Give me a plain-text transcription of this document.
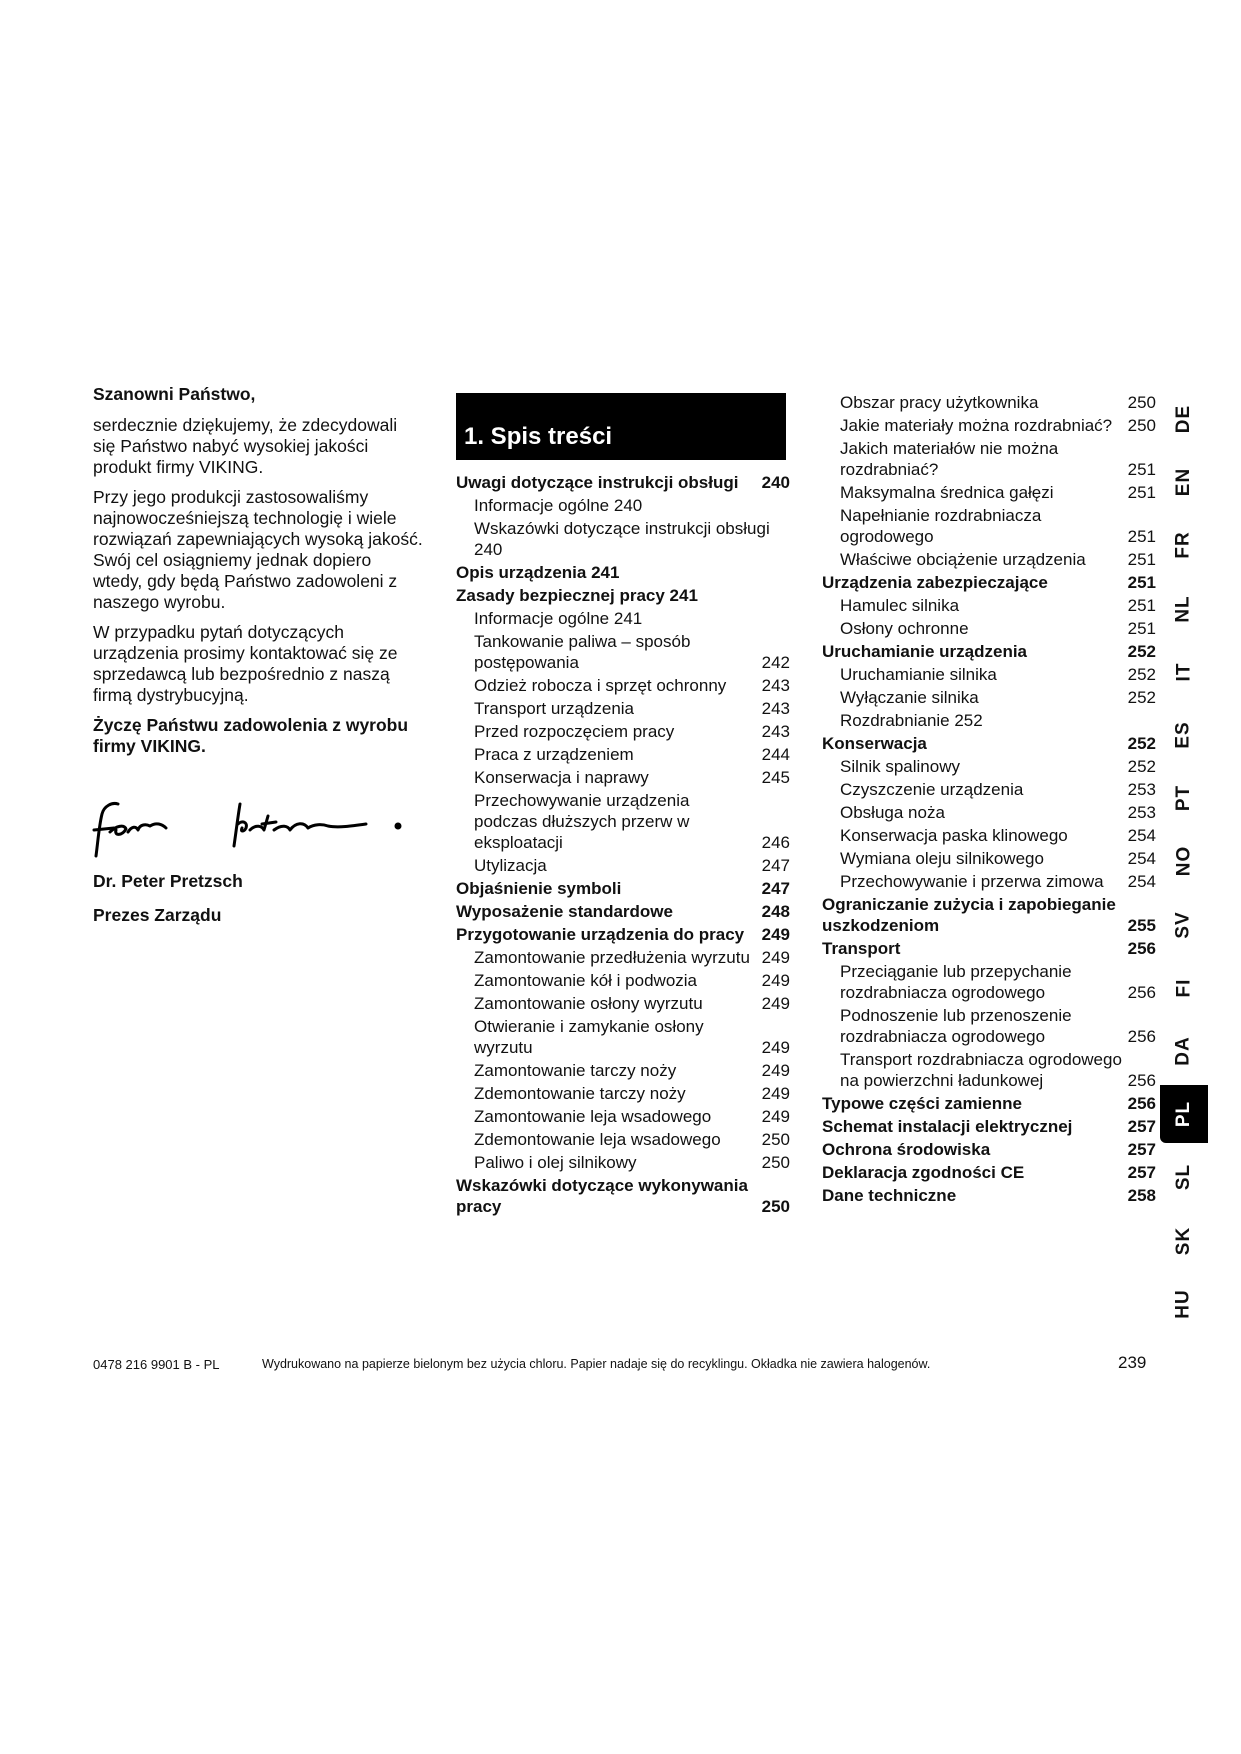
Szanowni Państwo,

serdecznie dziękujemy, że zdecydowali się Państwo nabyć wysokiej jakości produkt firmy VIKING.

Przy jego produkcji zastosowaliśmy najnowocześniejszą technologię i wiele rozwiązań zapewniających wysoką jakość. Swój cel osiągniemy jednak dopiero wtedy, gdy będą Państwo zadowoleni z naszego wyrobu.

W przypadku pytań dotyczących urządzenia prosimy kontaktować się ze sprzedawcą lub bezpośrednio z naszą firmą dystrybucyjną.

Życzę Państwu zadowolenia z wyrobu firmy VIKING.

Dr. Peter Pretzsch
Prezes Zarządu
1. Spis treści
Uwagi dotyczące instrukcji obsługi	240
Informacje ogólne 240
Wskazówki dotyczące instrukcji obsługi 240
Opis urządzenia 241
Zasady bezpiecznej pracy 241
Informacje ogólne 241
Tankowanie paliwa – sposób postępowania	242
Odzież robocza i sprzęt ochronny	243
Transport urządzenia	243
Przed rozpoczęciem pracy	243
Praca z urządzeniem	244
Konserwacja i naprawy	245
Przechowywanie urządzenia podczas dłuższych przerw w eksploatacji	246
Utylizacja	247
Objaśnienie symboli	247
Wyposażenie standardowe	248
Przygotowanie urządzenia do pracy	249
Zamontowanie przedłużenia wyrzutu 249
Zamontowanie kół i podwozia	249
Zamontowanie osłony wyrzutu	249
Otwieranie i zamykanie osłony wyrzutu	249
Zamontowanie tarczy noży	249
Zdemontowanie tarczy noży	249
Zamontowanie leja wsadowego	249
Zdemontowanie leja wsadowego	250
Paliwo i olej silnikowy	250
Wskazówki dotyczące wykonywania pracy	250
Obszar pracy użytkownika	250
Jakie materiały można rozdrabniać? 250
Jakich materiałów nie można rozdrabniać?	251
Maksymalna średnica gałęzi	251
Napełnianie rozdrabniacza ogrodowego	251
Właściwe obciążenie urządzenia	251
Urządzenia zabezpieczające	251
Hamulec silnika	251
Osłony ochronne	251
Uruchamianie urządzenia	252
Uruchamianie silnika	252
Wyłączanie silnika	252
Rozdrabnianie 252
Konserwacja	252
Silnik spalinowy	252
Czyszczenie urządzenia	253
Obsługa noża	253
Konserwacja paska klinowego	254
Wymiana oleju silnikowego	254
Przechowywanie i przerwa zimowa	254
Ograniczanie zużycia i zapobieganie uszkodzeniom	255
Transport	256
Przeciąganie lub przepychanie rozdrabniacza ogrodowego	256
Podnoszenie lub przenoszenie rozdrabniacza ogrodowego	256
Transport rozdrabniacza ogrodowego na powierzchni ładunkowej	256
Typowe części zamienne	256
Schemat instalacji elektrycznej	257
Ochrona środowiska	257
Deklaracja zgodności CE	257
Dane techniczne	258
DE
EN
FR
NL
IT
ES
PT
NO
SV
FI
DA
PL
SL
SK
HU
0478 216 9901 B - PL	Wydrukowano na papierze bielonym bez użycia chloru. Papier nadaje się do recyklingu. Okładka nie zawiera halogenów.	239
